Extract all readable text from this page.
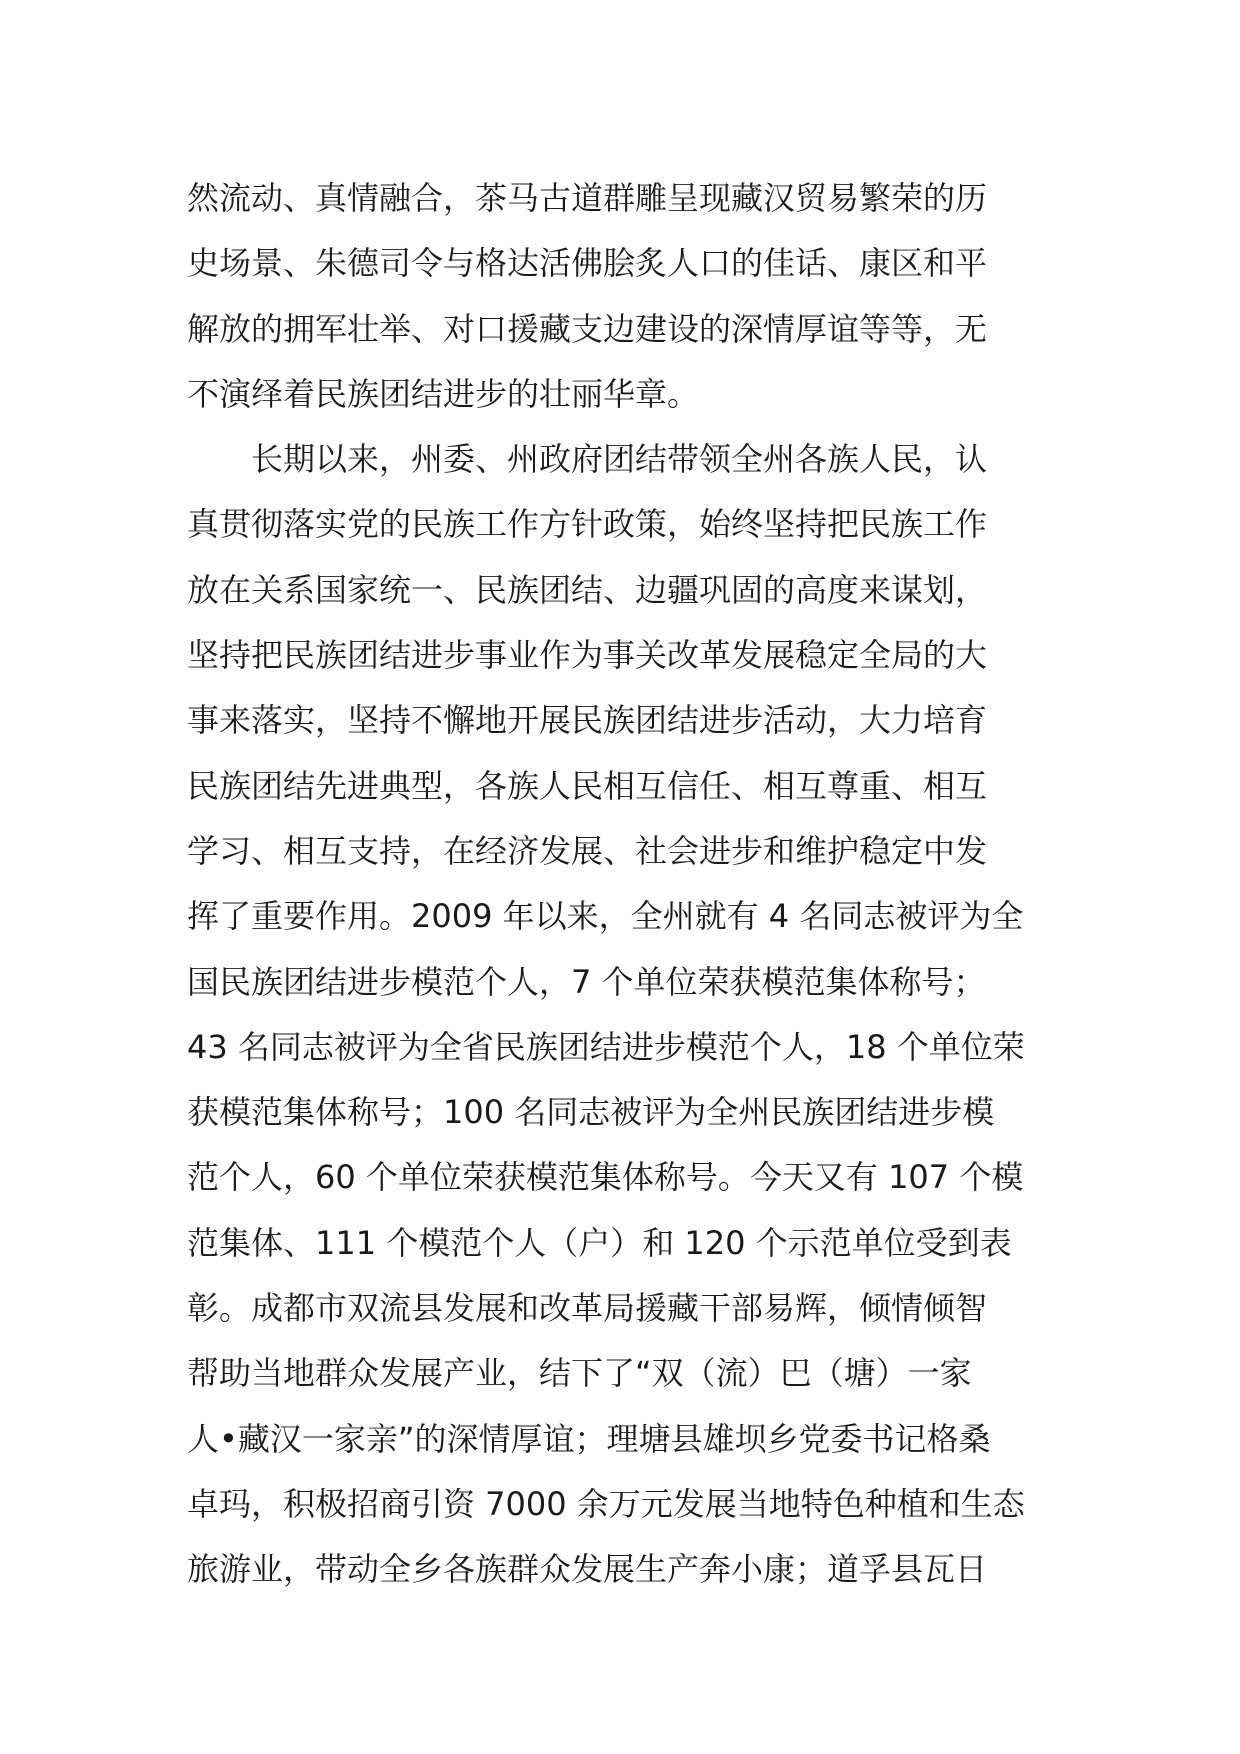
然流动、真情融合，茶马古道群雕呈现藏汉贸易繁荣的历
史场景、朱德司令与格达活佛脍炙人口的佳话、康区和平
解放的拥军壮举、对口援藏支边建设的深情厚谊等等，无
不演绎着民族团结进步的壮丽华章。
长期以来，州委、州政府团结带领全州各族人民，认
真贯彻落实党的民族工作方针政策，始终坚持把民族工作
放在关系国家统一、民族团结、边疆巩固的高度来谋划，
坚持把民族团结进步事业作为事关改革发展稳定全局的大
事来落实，坚持不懈地开展民族团结进步活动，大力培育
民族团结先进典型，各族人民相互信任、相互尊重、相互
学习、相互支持，在经济发展、社会进步和维护稳定中发
挥了重要作用。2009 年以来，全州就有 4 名同志被评为全
国民族团结进步模范个人，7 个单位荣获模范集体称号；
43 名同志被评为全省民族团结进步模范个人，18 个单位荣
获模范集体称号；100 名同志被评为全州民族团结进步模
范个人，60 个单位荣获模范集体称号。今天又有 107 个模
范集体、111 个模范个人（户）和 120 个示范单位受到表
彰。成都市双流县发展和改革局援藏干部易辉，倾情倾智
帮助当地群众发展产业，结下了“双（流）巴（塘）一家
人•藏汉一家亲”的深情厚谊；理塘县雄坝乡党委书记格桑
卓玛，积极招商引资 7000 余万元发展当地特色种植和生态
旅游业，带动全乡各族群众发展生产奔小康；道孚县瓦日
